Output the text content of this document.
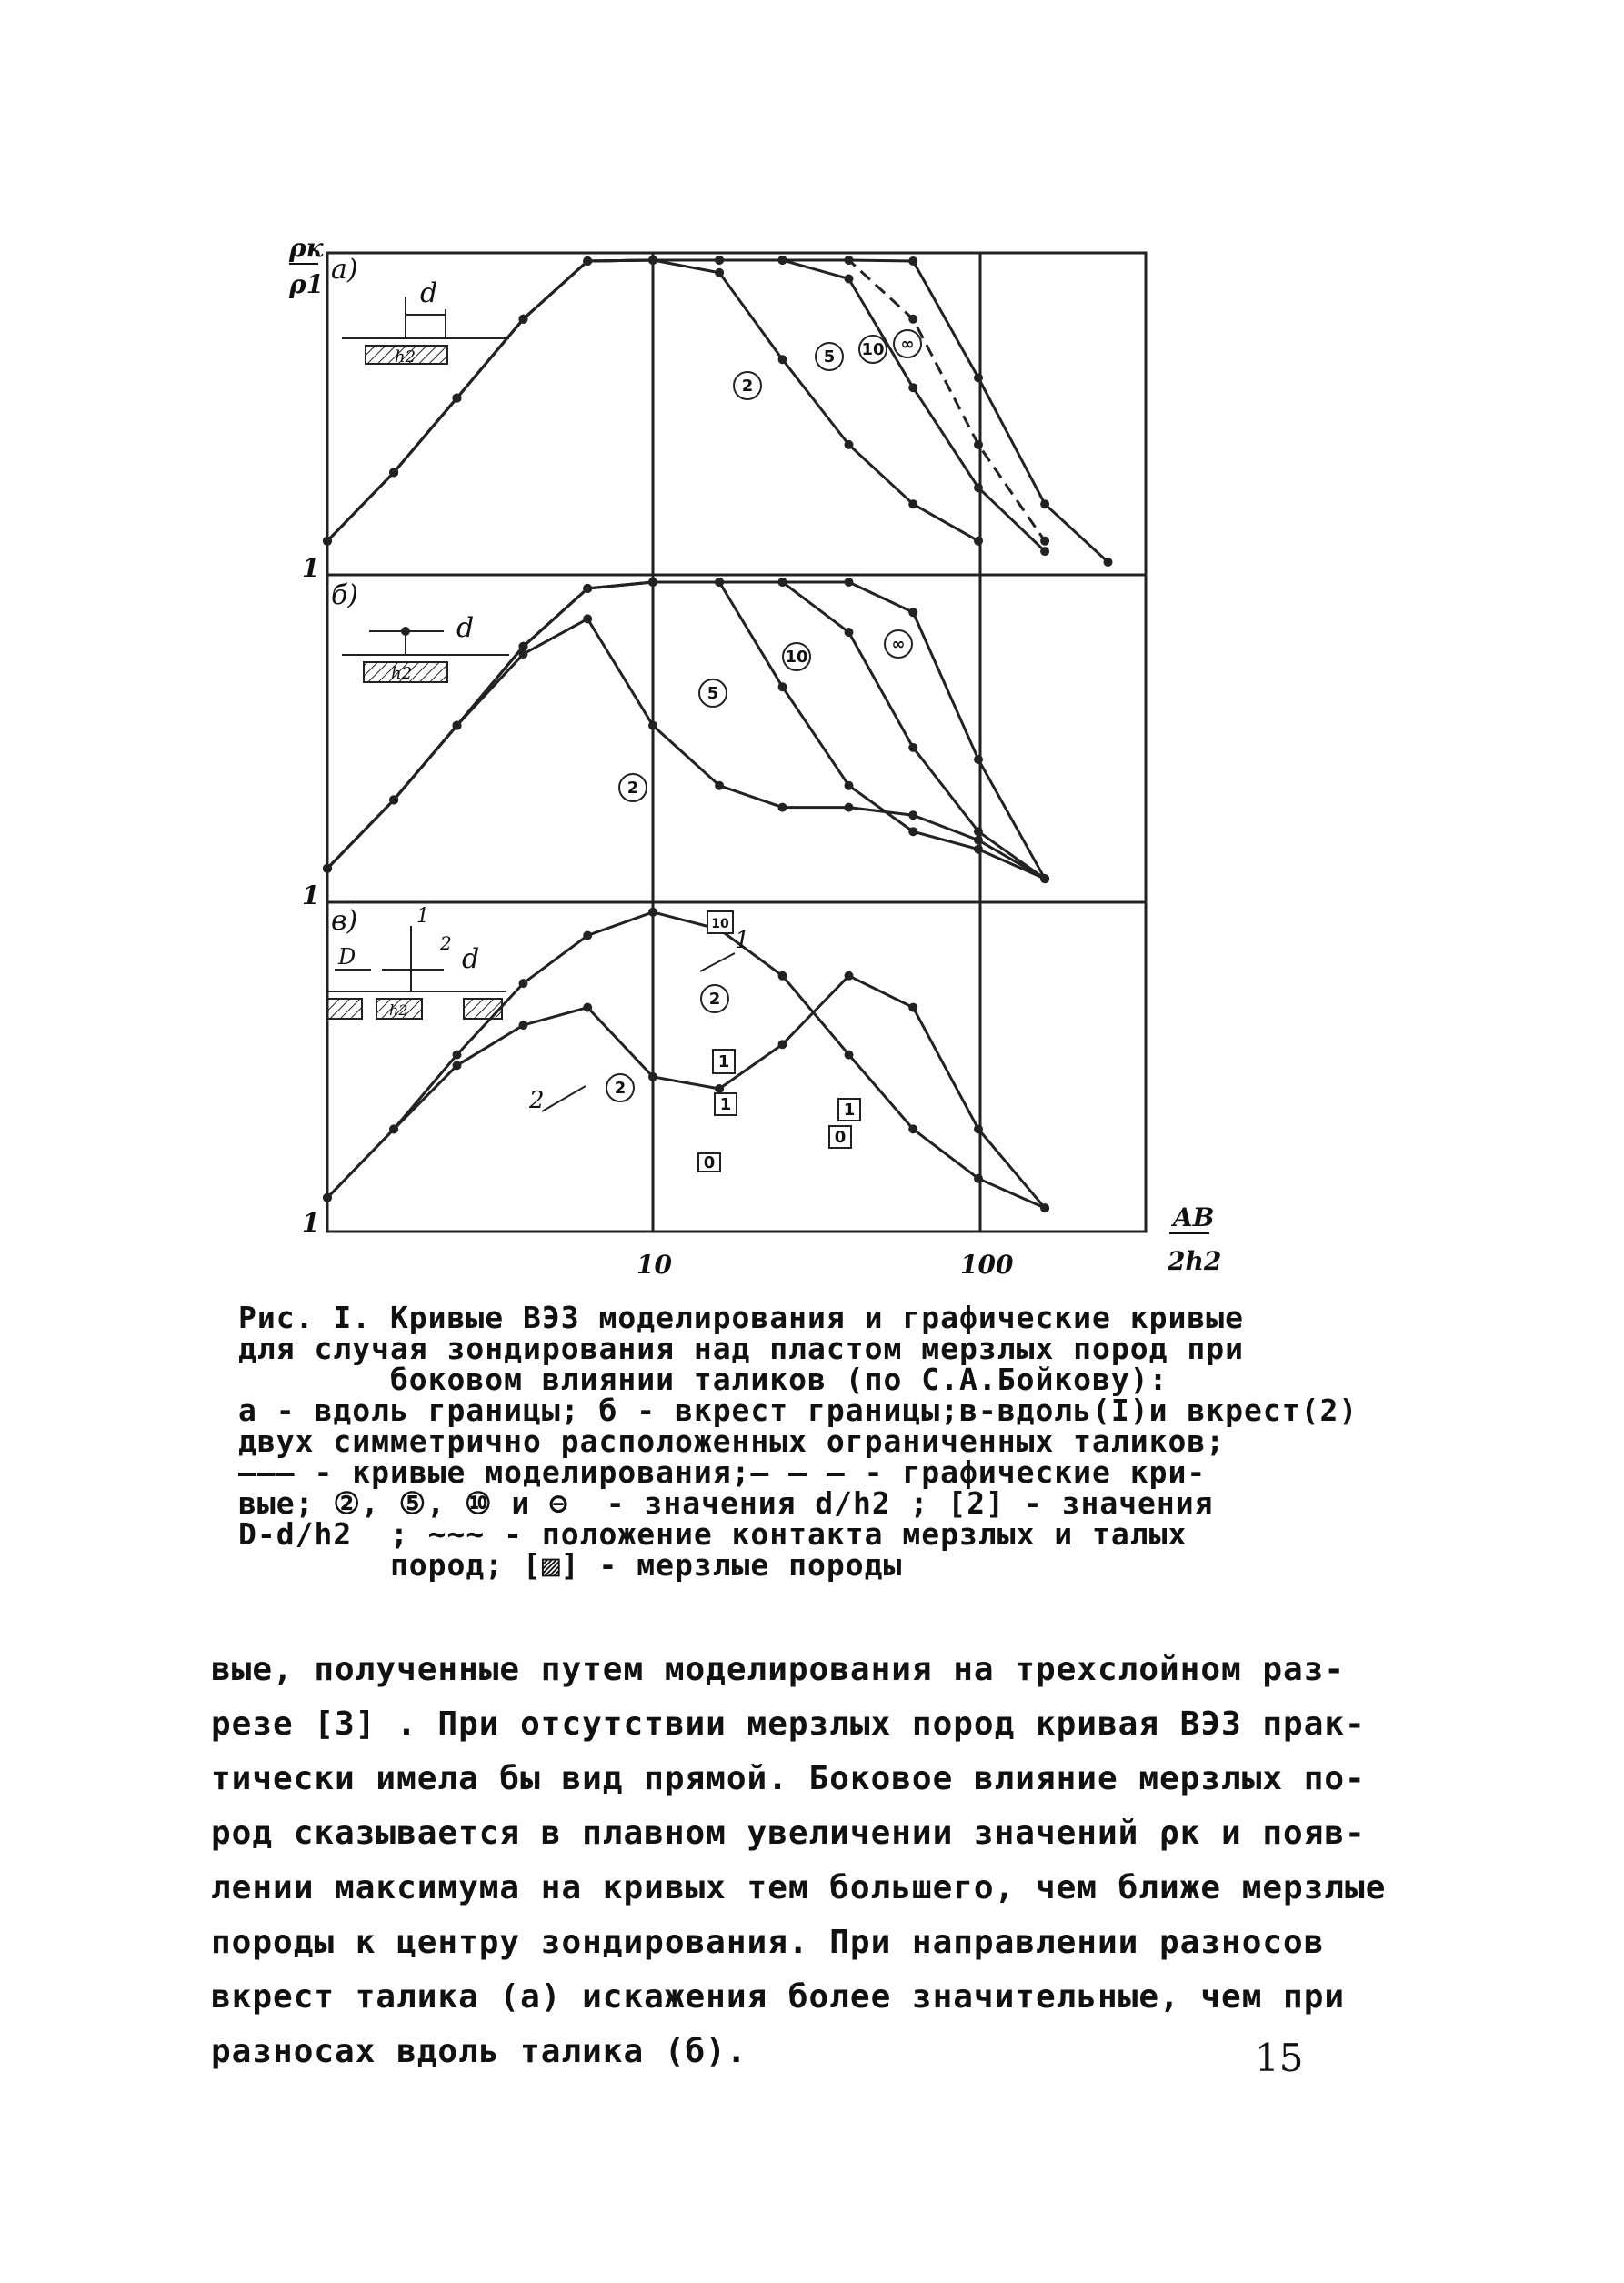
ρк
ρ1
1
1
1
10	100
AB
2h2
а)
б)
в)
d
h2
d
h2
D
1
2 d
h2
2
5 10 ∞
2
5
10
∞
2
2
10
1
1	1
0
0
1
2
Рис. I. Кривые ВЭЗ моделирования и графические кривые
для случая зондирования над пластом мерзлых пород при
боковом влиянии таликов (по С.А.Бойкову):
а - вдоль границы; б - вкрест границы;в-вдоль(I)и вкрест(2)
двух симметрично расположенных ограниченных таликов;
——— - кривые моделирования;— — — - графические кри-
вые; ②, ⑤, ⑩ и ⊖  - значения d/h2 ; [2] - значения
D-d/h2  ; ~~~ - положение контакта мерзлых и талых
пород; [▨] - мерзлые породы
вые, полученные путем моделирования на трехслойном раз-
резе [3] . При отсутствии мерзлых пород кривая ВЭЗ прак-
тически имела бы вид прямой. Боковое влияние мерзлых по-
род сказывается в плавном увеличении значений ρк и появ-
лении максимума на кривых тем большего, чем ближе мерзлые
породы к центру зондирования. При направлении разносов
вкрест талика (а) искажения более значительные, чем при
разносах вдоль талика (б).	15
